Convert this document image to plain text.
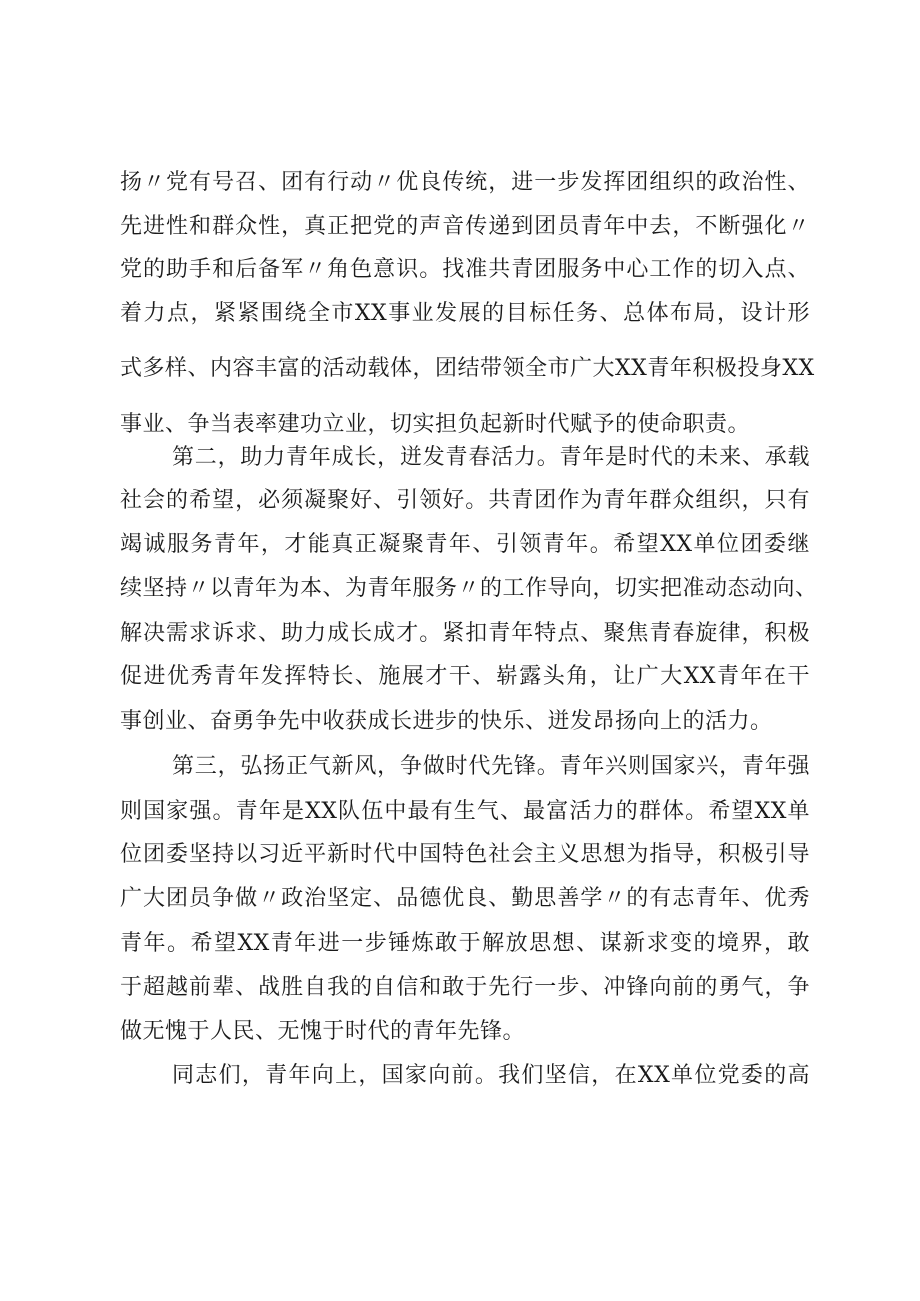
扬〃党有号召、团有行动〃优良传统，进一步发挥团组织的政治性、
先进性和群众性，真正把党的声音传递到团员青年中去，不断强化〃
党的助手和后备军〃角色意识。找准共青团服务中心工作的切入点、
着力点，紧紧围绕全市XX事业发展的目标任务、总体布局，设计形
式多样、内容丰富的活动载体，团结带领全市广大XX青年积极投身XX
事业、争当表率建功立业，切实担负起新时代赋予的使命职责。
第二，助力青年成长，迸发青春活力。青年是时代的未来、承载
社会的希望，必须凝聚好、引领好。共青团作为青年群众组织，只有
竭诚服务青年，才能真正凝聚青年、引领青年。希望XX单位团委继
续坚持〃以青年为本、为青年服务〃的工作导向，切实把准动态动向、
解决需求诉求、助力成长成才。紧扣青年特点、聚焦青春旋律，积极
促进优秀青年发挥特长、施展才干、崭露头角，让广大XX青年在干
事创业、奋勇争先中收获成长进步的快乐、迸发昂扬向上的活力。
第三，弘扬正气新风，争做时代先锋。青年兴则国家兴，青年强
则国家强。青年是XX队伍中最有生气、最富活力的群体。希望XX单
位团委坚持以习近平新时代中国特色社会主义思想为指导，积极引导
广大团员争做〃政治坚定、品德优良、勤思善学〃的有志青年、优秀
青年。希望XX青年进一步锤炼敢于解放思想、谋新求变的境界，敢
于超越前辈、战胜自我的自信和敢于先行一步、冲锋向前的勇气，争
做无愧于人民、无愧于时代的青年先锋。
同志们，青年向上，国家向前。我们坚信，在XX单位党委的高
